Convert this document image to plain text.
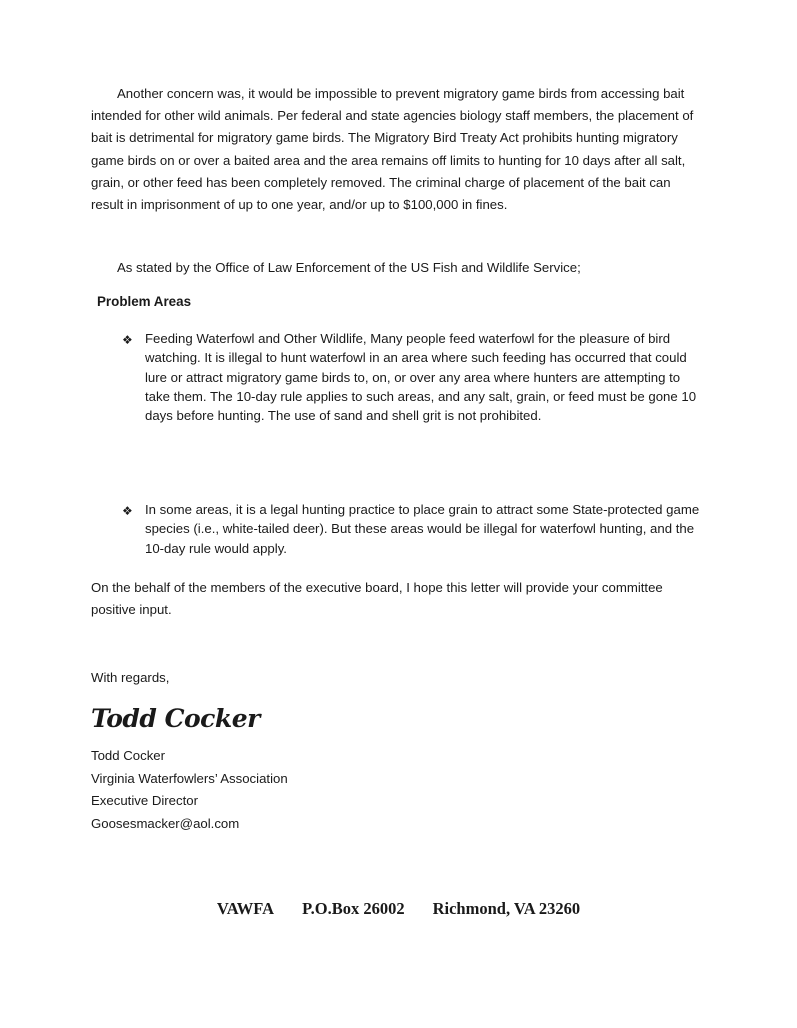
Another concern was, it would be impossible to prevent migratory game birds from accessing bait intended for other wild animals. Per federal and state agencies biology staff members, the placement of bait is detrimental for migratory game birds. The Migratory Bird Treaty Act prohibits hunting migratory game birds on or over a baited area and the area remains off limits to hunting for 10 days after all salt, grain, or other feed has been completely removed. The criminal charge of placement of the bait can result in imprisonment of up to one year, and/or up to $100,000 in fines.

As stated by the Office of Law Enforcement of the US Fish and Wildlife Service;

Problem Areas
❖ Feeding Waterfowl and Other Wildlife, Many people feed waterfowl for the pleasure of bird watching. It is illegal to hunt waterfowl in an area where such feeding has occurred that could lure or attract migratory game birds to, on, or over any area where hunters are attempting to take them. The 10-day rule applies to such areas, and any salt, grain, or feed must be gone 10 days before hunting. The use of sand and shell grit is not prohibited.

❖ In some areas, it is a legal hunting practice to place grain to attract some State-protected game species (i.e., white-tailed deer). But these areas would be illegal for waterfowl hunting, and the 10-day rule would apply.

On the behalf of the members of the executive board, I hope this letter will provide your committee positive input.

With regards,

Todd Cocker

Todd Cocker
Virginia Waterfowlers’ Association
Executive Director
Goosesmacker@aol.com

VAWFA P.O.Box 26002 Richmond, VA 23260
